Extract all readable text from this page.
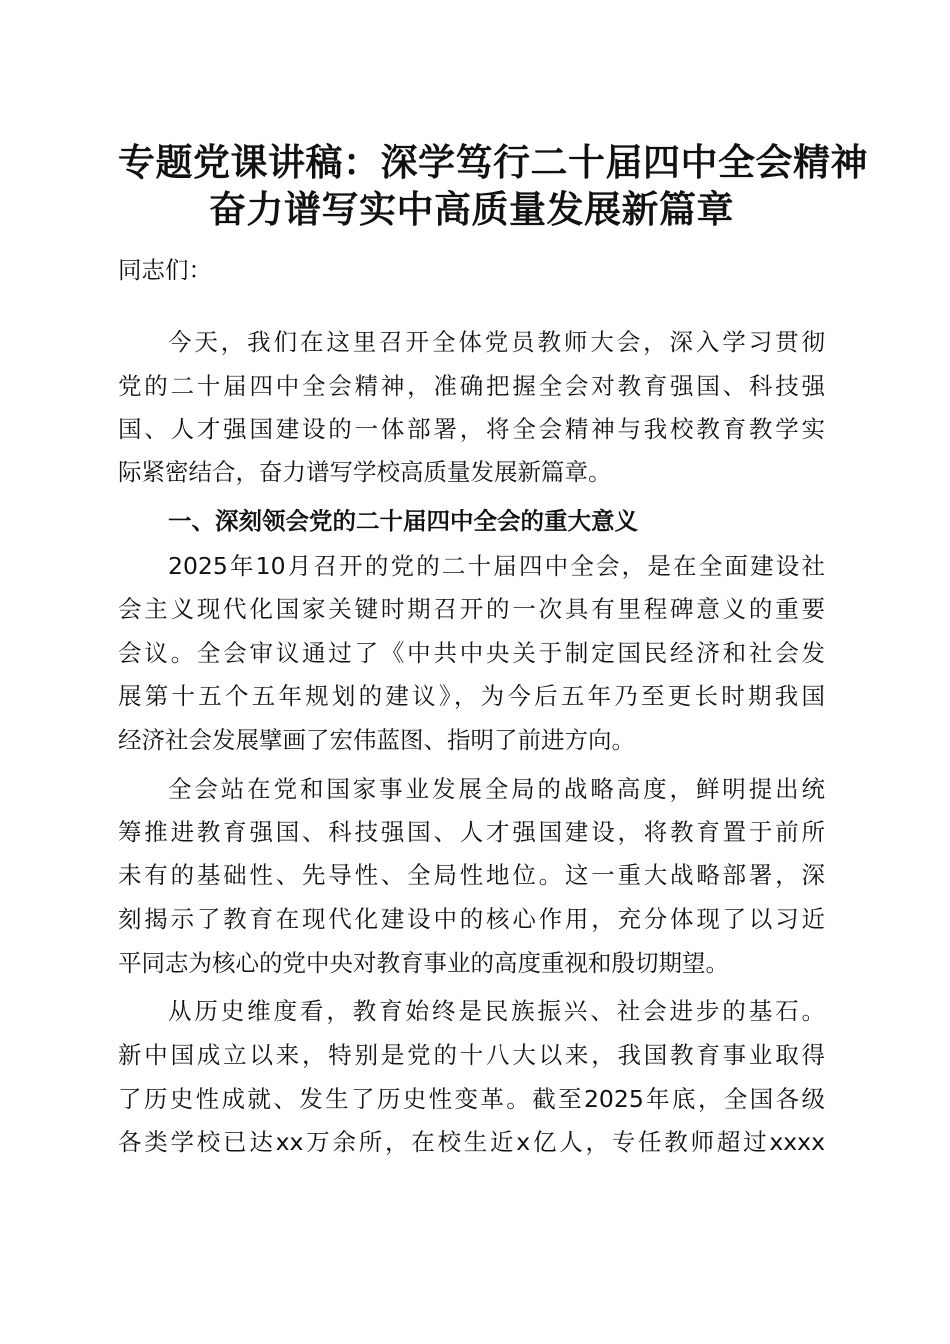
专题党课讲稿：深学笃行二十届四中全会精神
奋力谱写实中高质量发展新篇章
同志们：
今天，我们在这里召开全体党员教师大会，深入学习贯彻
党的二十届四中全会精神，准确把握全会对教育强国、科技强
国、人才强国建设的一体部署，将全会精神与我校教育教学实
际紧密结合，奋力谱写学校高质量发展新篇章。
一、深刻领会党的二十届四中全会的重大意义
2025年10月召开的党的二十届四中全会，是在全面建设社
会主义现代化国家关键时期召开的一次具有里程碑意义的重要
会议。全会审议通过了《中共中央关于制定国民经济和社会发
展第十五个五年规划的建议》，为今后五年乃至更长时期我国
经济社会发展擘画了宏伟蓝图、指明了前进方向。
全会站在党和国家事业发展全局的战略高度，鲜明提出统
筹推进教育强国、科技强国、人才强国建设，将教育置于前所
未有的基础性、先导性、全局性地位。这一重大战略部署，深
刻揭示了教育在现代化建设中的核心作用，充分体现了以习近
平同志为核心的党中央对教育事业的高度重视和殷切期望。
从历史维度看，教育始终是民族振兴、社会进步的基石。
新中国成立以来，特别是党的十八大以来，我国教育事业取得
了历史性成就、发生了历史性变革。截至2025年底，全国各级
各类学校已达xx万余所，在校生近x亿人，专任教师超过xxxx
